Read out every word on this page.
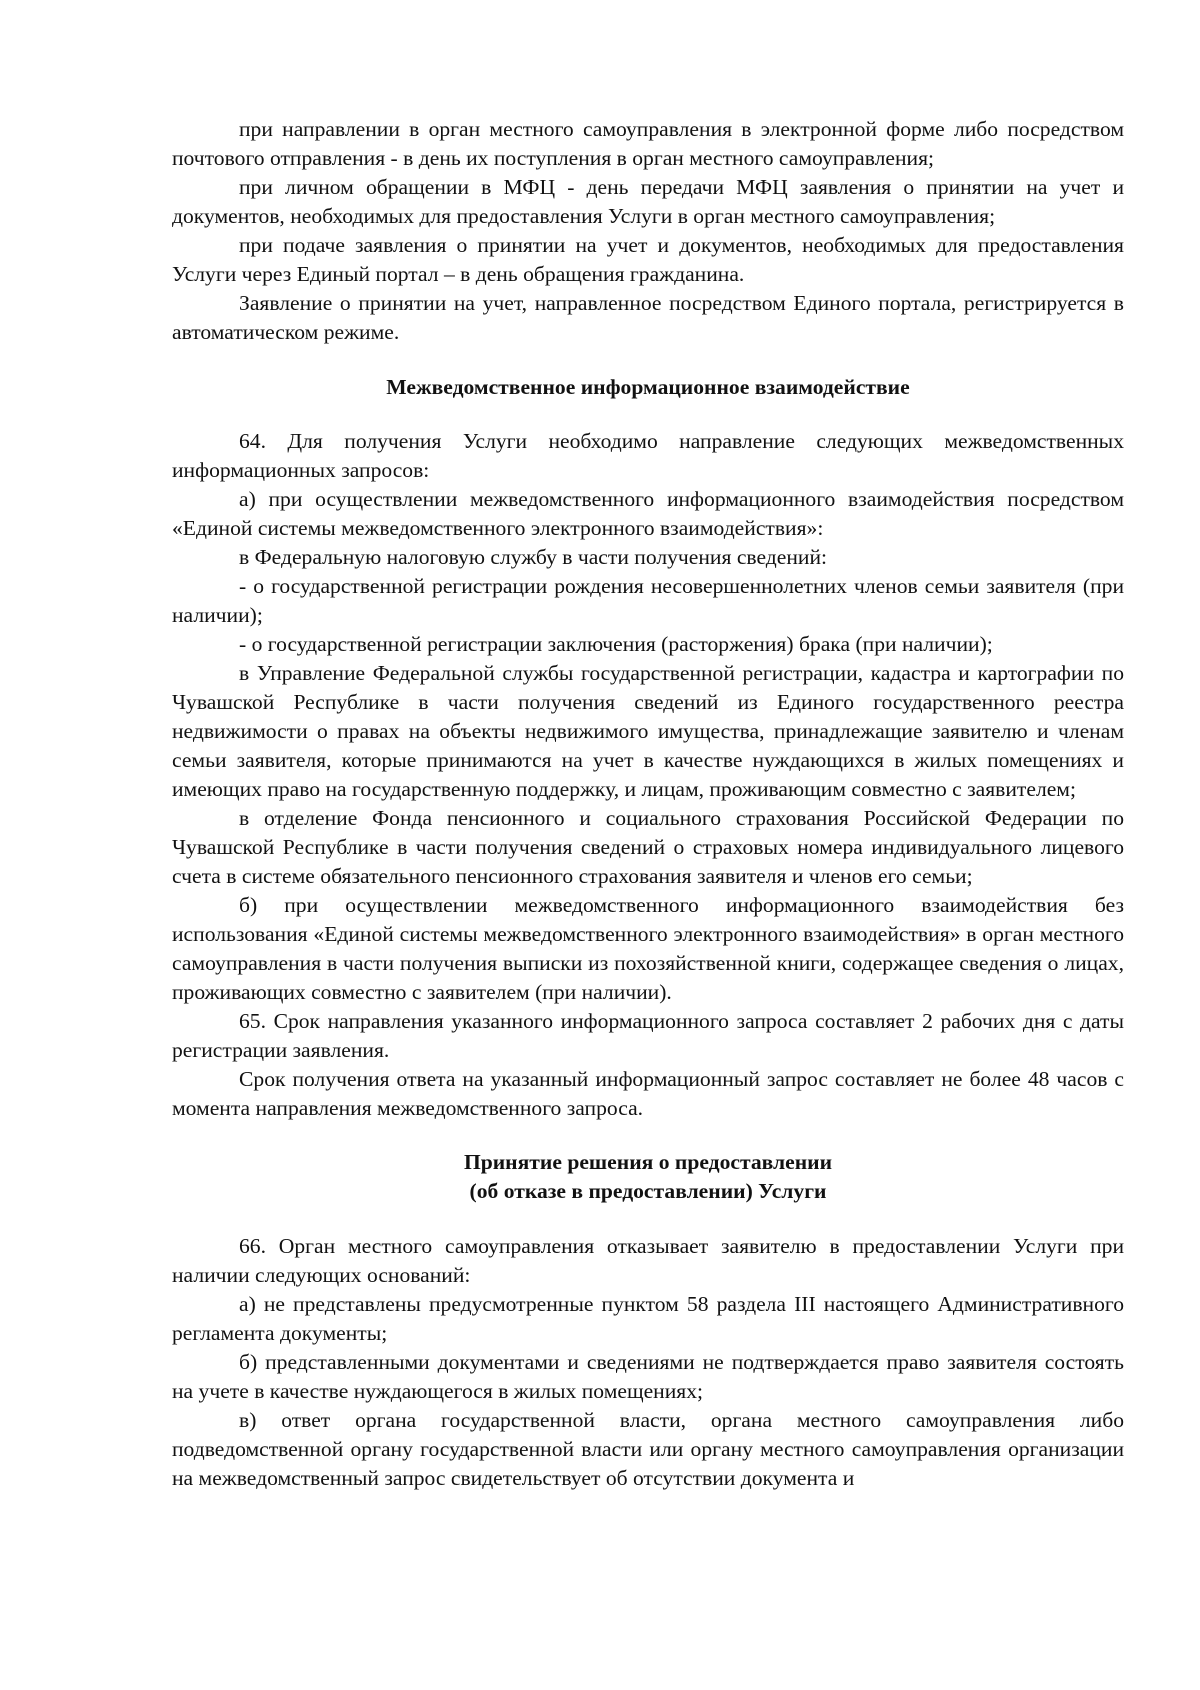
при направлении в орган местного самоуправления в электронной форме либо посредством почтового отправления - в день их поступления в орган местного самоуправления;

при личном обращении в МФЦ - день передачи МФЦ заявления о принятии на учет и документов, необходимых для предоставления Услуги в орган местного самоуправления;

при подаче заявления о принятии на учет и документов, необходимых для предоставления Услуги через Единый портал – в день обращения гражданина.

Заявление о принятии на учет, направленное посредством Единого портала, регистрируется в автоматическом режиме.

Межведомственное информационное взаимодействие

64. Для получения Услуги необходимо направление следующих межведомственных информационных запросов:

а) при осуществлении межведомственного информационного взаимодействия посредством «Единой системы межведомственного электронного взаимодействия»:

в Федеральную налоговую службу в части получения сведений:

- о государственной регистрации рождения несовершеннолетних членов семьи заявителя (при наличии);

- о государственной регистрации заключения (расторжения) брака (при наличии);

в Управление Федеральной службы государственной регистрации, кадастра и картографии по Чувашской Республике в части получения сведений из Единого государственного реестра недвижимости о правах на объекты недвижимого имущества, принадлежащие заявителю и членам семьи заявителя, которые принимаются на учет в качестве нуждающихся в жилых помещениях и имеющих право на государственную поддержку, и лицам, проживающим совместно с заявителем;

в отделение Фонда пенсионного и социального страхования Российской Федерации по Чувашской Республике в части получения сведений о страховых номера индивидуального лицевого счета в системе обязательного пенсионного страхования заявителя и членов его семьи;

б) при осуществлении межведомственного информационного взаимодействия без использования «Единой системы межведомственного электронного взаимодействия» в орган местного самоуправления в части получения выписки из похозяйственной книги, содержащее сведения о лицах, проживающих совместно с заявителем (при наличии).

65. Срок направления указанного информационного запроса составляет 2 рабочих дня с даты регистрации заявления.

Срок получения ответа на указанный информационный запрос составляет не более 48 часов с момента направления межведомственного запроса.

Принятие решения о предоставлении

(об отказе в предоставлении) Услуги

66. Орган местного самоуправления отказывает заявителю в предоставлении Услуги при наличии следующих оснований:

а) не представлены предусмотренные пунктом 58 раздела III настоящего Административного регламента документы;

б) представленными документами и сведениями не подтверждается право заявителя состоять на учете в качестве нуждающегося в жилых помещениях;

в) ответ органа государственной власти, органа местного самоуправления либо подведомственной органу государственной власти или органу местного самоуправления организации на межведомственный запрос свидетельствует об отсутствии документа и
